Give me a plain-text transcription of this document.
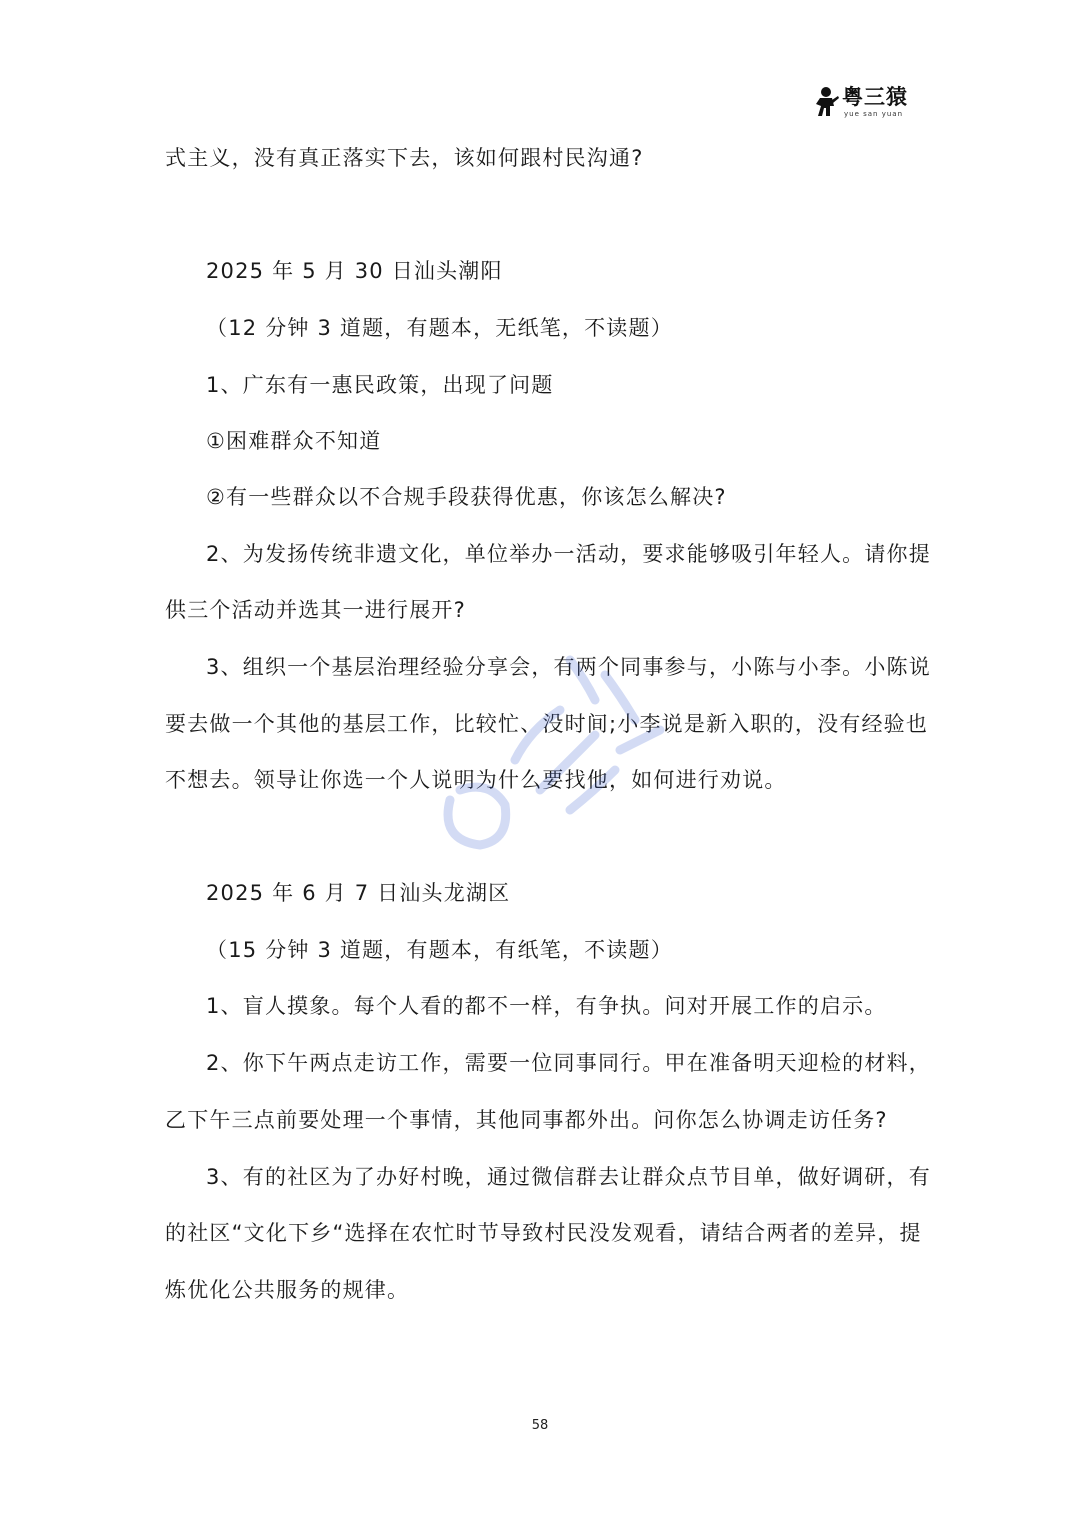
粤三猿
yue san yuan
式主义，没有真正落实下去，该如何跟村民沟通?
2025 年 5 月 30 日汕头潮阳
（12 分钟 3 道题，有题本，无纸笔，不读题）
1、广东有一惠民政策，出现了问题
①困难群众不知道
②有一些群众以不合规手段获得优惠，你该怎么解决?
2、为发扬传统非遗文化，单位举办一活动，要求能够吸引年轻人。请你提
供三个活动并选其一进行展开?
3、组织一个基层治理经验分享会，有两个同事参与，小陈与小李。小陈说
要去做一个其他的基层工作，比较忙、没时间;小李说是新入职的，没有经验也
不想去。领导让你选一个人说明为什么要找他，如何进行劝说。
2025 年 6 月 7 日汕头龙湖区
（15 分钟 3 道题，有题本，有纸笔，不读题）
1、盲人摸象。每个人看的都不一样，有争执。问对开展工作的启示。
2、你下午两点走访工作，需要一位同事同行。甲在准备明天迎检的材料，
乙下午三点前要处理一个事情，其他同事都外出。问你怎么协调走访任务?
3、有的社区为了办好村晚，通过微信群去让群众点节目单，做好调研，有
的社区“文化下乡“选择在农忙时节导致村民没发观看，请结合两者的差异，提
炼优化公共服务的规律。
58
